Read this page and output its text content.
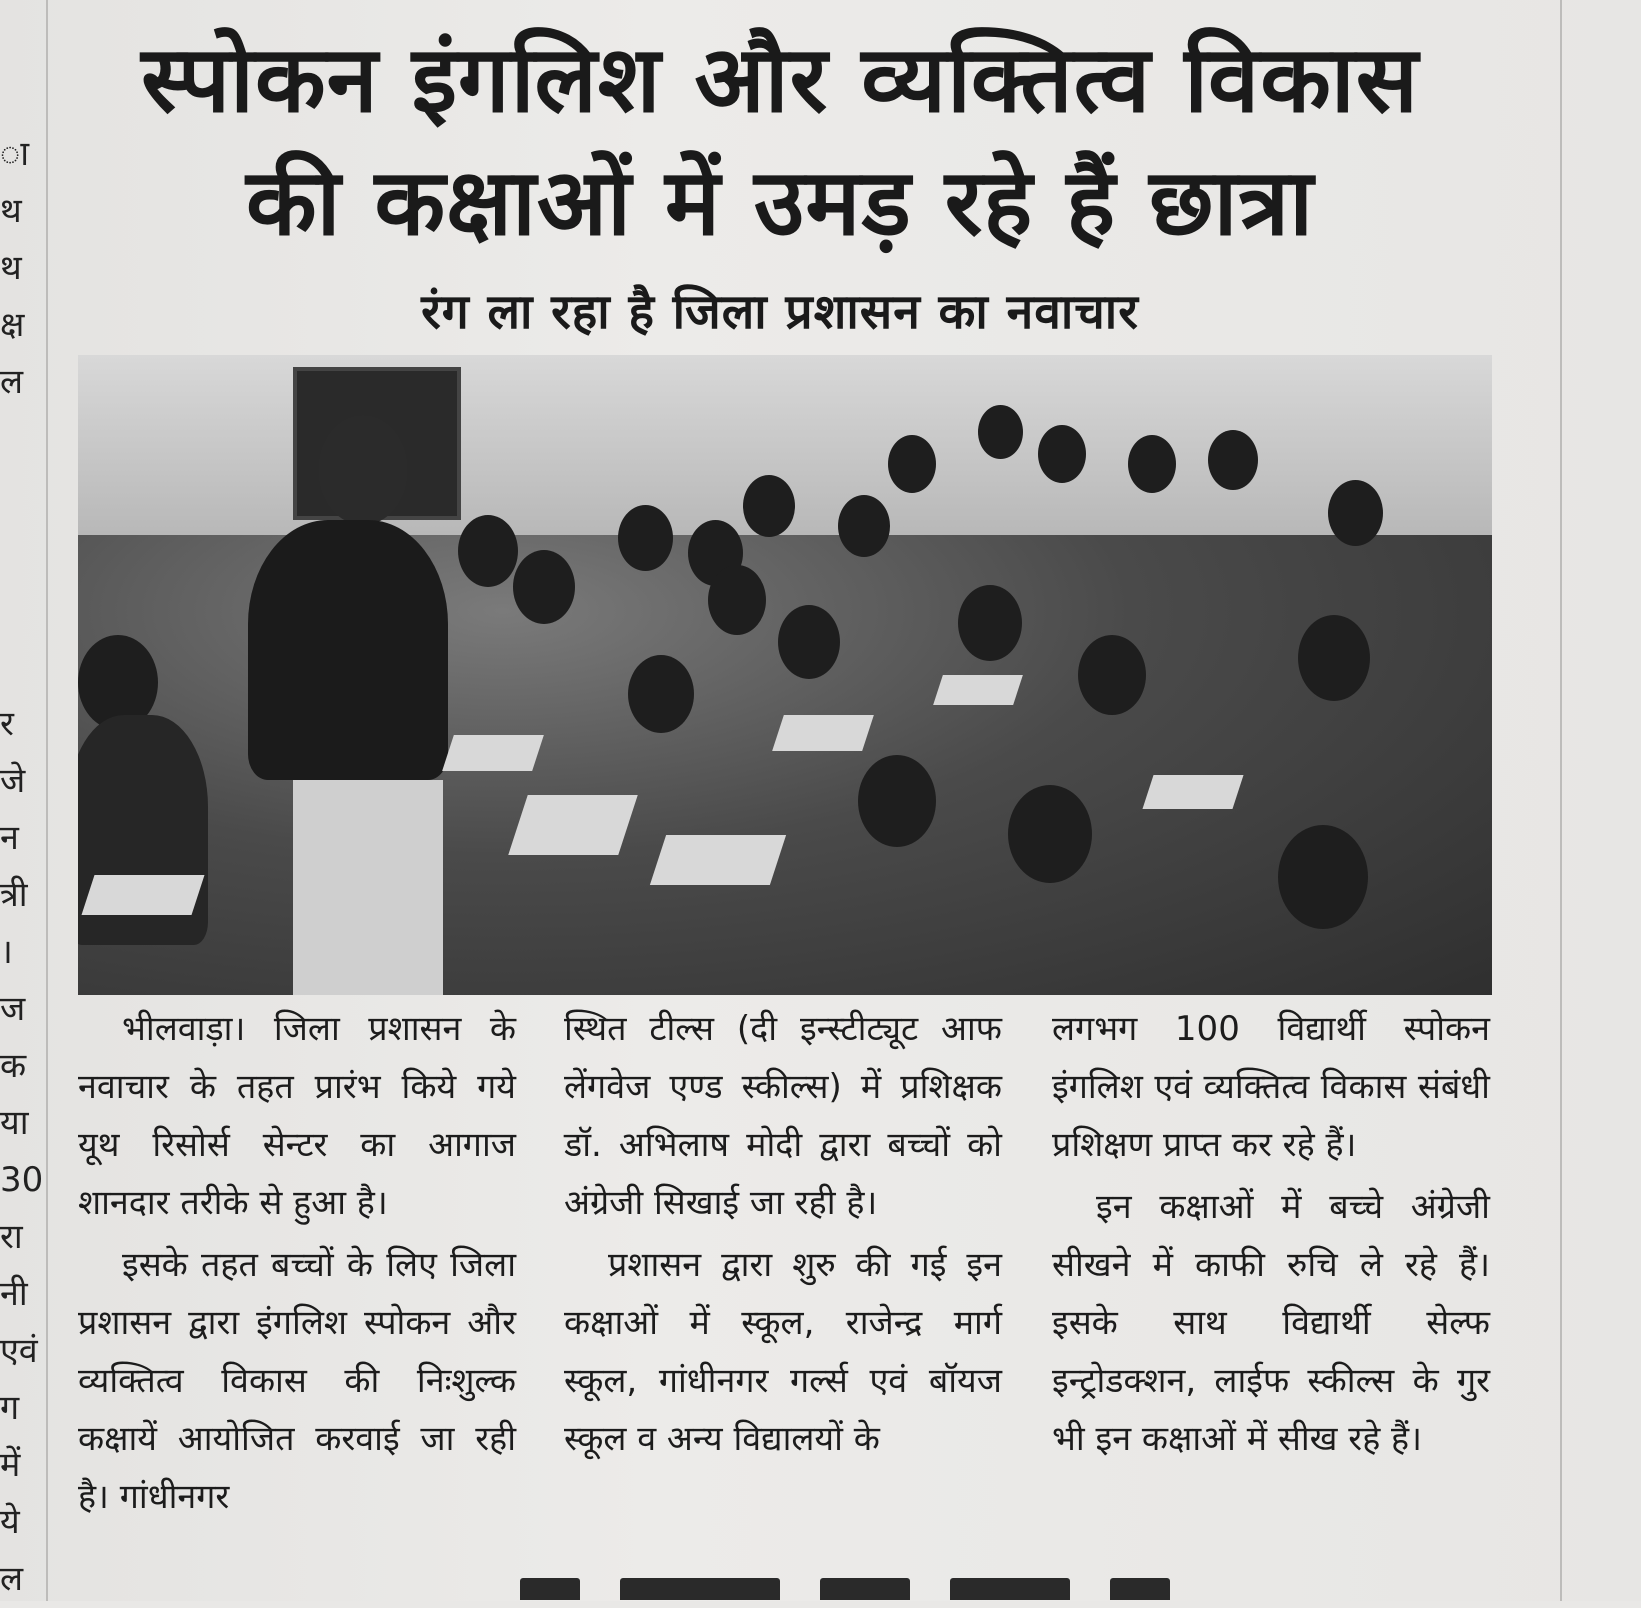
ा
थ
थ
क्ष
ल
र
जे
न
त्री
।
ज
क
या
30
रा
नी
एवं
ग
में
ये
ल
स्पोकन इंगलिश और व्यक्तित्व विकास
की कक्षाओं में उमड़ रहे हैं छात्रा
रंग ला रहा है जिला प्रशासन का नवाचार

भीलवाड़ा। जिला प्रशासन के नवाचार के तहत प्रारंभ किये गये यूथ रिसोर्स सेन्टर का आगाज शानदार तरीके से हुआ है।

इसके तहत बच्चों के लिए जिला प्रशासन द्वारा इंगलिश स्पोकन और व्यक्तित्व विकास की निःशुल्क कक्षायें आयोजित करवाई जा रही है। गांधीनगर

स्थित टील्स (दी इन्स्टीट्यूट आफ लेंगवेज एण्ड स्कील्स) में प्रशिक्षक डॉ. अभिलाष मोदी द्वारा बच्चों को अंग्रेजी सिखाई जा रही है।

प्रशासन द्वारा शुरु की गई इन कक्षाओं में स्कूल, राजेन्द्र मार्ग स्कूल, गांधीनगर गर्ल्स एवं बॉयज स्कूल व अन्य विद्यालयों के

लगभग 100 विद्यार्थी स्पोकन इंगलिश एवं व्यक्तित्व विकास संबंधी प्रशिक्षण प्राप्त कर रहे हैं।

इन कक्षाओं में बच्चे अंग्रेजी सीखने में काफी रुचि ले रहे हैं। इसके साथ विद्यार्थी सेल्फ इन्ट्रोडक्शन, लाईफ स्कील्स के गुर भी इन कक्षाओं में सीख रहे हैं।
